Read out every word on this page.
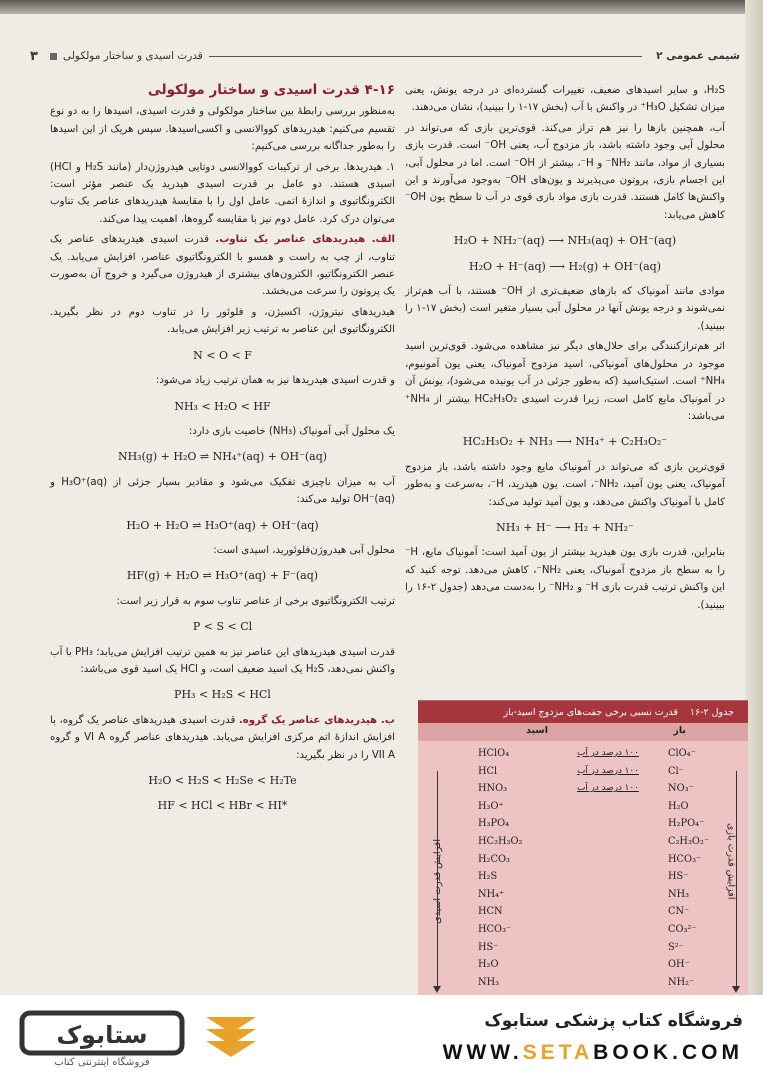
شیمی عمومی ۲
قدرت اسیدی و ساختار مولکولی
۳
۴-۱۶ قدرت اسیدی و ساختار مولکولی

به‌منظور بررسی رابطهٔ بین ساختار مولکولی و قدرت اسیدی، اسیدها را به دو نوع تقسیم می‌کنیم: هیدریدهای کووالانسی و اکسی‌اسیدها. سپس هریک از این اسیدها را به‌طور جداگانه بررسی می‌کنیم:

۱. هیدریدها. برخی از ترکیبات کووالانسی دوتایی هیدروژن‌دار (مانند H₂S و HCl) اسیدی هستند. دو عامل بر قدرت اسیدی هیدرید یک عنصر مؤثر است: الکترونگاتیوی و اندازهٔ اتمی. عامل اول را با مقایسهٔ هیدریدهای عناصر یک تناوب می‌توان درک کرد. عامل دوم نیز با مقایسه گروه‌ها، اهمیت پیدا می‌کند.

الف. هیدریدهای عناصر یک تناوب. قدرت اسیدی هیدریدهای عناصر یک تناوب، از چپ به راست و همسو با الکترونگاتیوی عناصر، افزایش می‌یابد. یک عنصر الکترونگاتیو، الکترون‌های بیشتری از هیدروژن می‌گیرد و خروج آن به‌صورت یک پروتون را سرعت می‌بخشد.

هیدریدهای نیتروژن، اکسیژن، و فلوئور را در تناوب دوم در نظر بگیرید. الکترونگاتیوی این عناصر به ترتیب زیر افزایش می‌یابد.

N < O < F

و قدرت اسیدی هیدریدها نیز به همان ترتیب زیاد می‌شود:

NH₃ < H₂O < HF

یک محلول آبی آمونیاک (NH₃) خاصیت بازی دارد:

NH₃(g) + H₂O ⇌ NH₄⁺(aq) + OH⁻(aq)

آب به میزان ناچیزی تفکیک می‌شود و مقادیر بسیار جزئی از H₃O⁺(aq) و OH⁻(aq) تولید می‌کند:

H₂O + H₂O ⇌ H₃O⁺(aq) + OH⁻(aq)

محلول آبی هیدروژن‌فلوئورید، اسیدی است:

HF(g) + H₂O ⇌ H₃O⁺(aq) + F⁻(aq)

ترتیب الکترونگاتیوی برخی از عناصر تناوب سوم به قرار زیر است:

P < S < Cl

قدرت اسیدی هیدریدهای این عناصر نیز به همین ترتیب افزایش می‌یابد؛ PH₃ با آب واکنش نمی‌دهد، H₂S یک اسید ضعیف است، و HCl یک اسید قوی می‌باشد:

PH₃ < H₂S < HCl

ب. هیدریدهای عناصر یک گروه. قدرت اسیدی هیدریدهای عناصر یک گروه، با افزایش اندازهٔ اتم مرکزی افزایش می‌یابد. هیدریدهای عناصر گروه VI A و گروه VII A را در نظر بگیرید:

H₂O < H₂S < H₂Se < H₂Te
HF < HCl < HBr < HI*

H₂S، و سایر اسیدهای ضعیف، تغییرات گسترده‌ای در درجه یونش، یعنی میزان تشکیل H₃O⁺ در واکنش با آب (بخش ۱۷-۱ را ببینید)، نشان می‌دهند.

آب، همچنین بازها را نیز هم تراز می‌کند. قوی‌ترین بازی که می‌تواند در محلول آبی وجود داشته باشد، باز مزدوج آب، یعنی OH⁻ است. قدرت بازی بسیاری از مواد، مانند NH₂⁻ و H⁻، بیشتر از OH⁻ است. اما در محلول آبی، این اجسام بازی، پروتون می‌پذیرند و یون‌های OH⁻ به‌وجود می‌آورند و این واکنش‌ها کامل هستند. قدرت بازی مواد بازی قوی در آب تا سطح یون OH⁻ کاهش می‌یابد:

H₂O + NH₂⁻(aq) ⟶ NH₃(aq) + OH⁻(aq)
H₂O + H⁻(aq) ⟶ H₂(g) + OH⁻(aq)

موادی مانند آمونیاک که بازهای ضعیف‌تری از OH⁻ هستند، با آب هم‌تراز نمی‌شوند و درجه یونش آنها در محلول آبی بسیار متغیر است (بخش ۱۷-۱ را ببینید).

اثر هم‌ترازکنندگی برای حلال‌های دیگر نیز مشاهده می‌شود. قوی‌ترین اسید موجود در محلول‌های آمونیاکی، اسید مزدوج آمونیاک، یعنی یون آمونیوم، NH₄⁺ است. استیک‌اسید (که به‌طور جزئی در آب یونیده می‌شود)، یونش آن در آمونیاک مایع کامل است، زیرا قدرت اسیدی HC₂H₃O₂ بیشتر از NH₄⁺ می‌باشد:

HC₂H₃O₂ + NH₃ ⟶ NH₄⁺ + C₂H₃O₂⁻

قوی‌ترین بازی که می‌تواند در آمونیاک مایع وجود داشته باشد، باز مزدوج آمونیاک، یعنی یون آمید، NH₂⁻، است. یون هیدرید، H⁻، به‌سرعت و به‌طور کامل با آمونیاک واکنش می‌دهد، و یون آمید تولید می‌کند:

NH₃ + H⁻ ⟶ H₂ + NH₂⁻

بنابراین، قدرت بازی یون هیدرید بیشتر از یون آمید است: آمونیاک مایع، H⁻ را به سطح باز مزدوج آمونیاک، یعنی NH₂⁻، کاهش می‌دهد. توجه کنید که این واکنش ترتیب قدرت بازی H⁻ و NH₂⁻ را به‌دست می‌دهد (جدول ۲-۱۶ را ببینید).

جدول ۲-۱۶
قدرت نسبی برخی جفت‌های مزدوج اسید-باز
اسید	باز
HClO₄
HCl
HNO₃
H₃O⁺
H₃PO₄
HC₂H₃O₂
H₂CO₃
H₂S
NH₄⁺
HCN
HCO₃⁻
HS⁻
H₂O
NH₃
۱۰۰ درصد در آب
۱۰۰ درصد در آب
۱۰۰ درصد در آب
ClO₄⁻
Cl⁻
NO₃⁻
H₂O
H₂PO₄⁻
C₂H₃O₂⁻
HCO₃⁻
HS⁻
NH₃
CN⁻
CO₃²⁻
S²⁻
OH⁻
NH₂⁻
افزایش قدرت اسیدی	افزایش قدرت بازی
ستابوک
فروشگاه اینترنتی کتاب
فروشگاه کتاب پزشکی ستابوک
WWW.SETABOOK.COM
